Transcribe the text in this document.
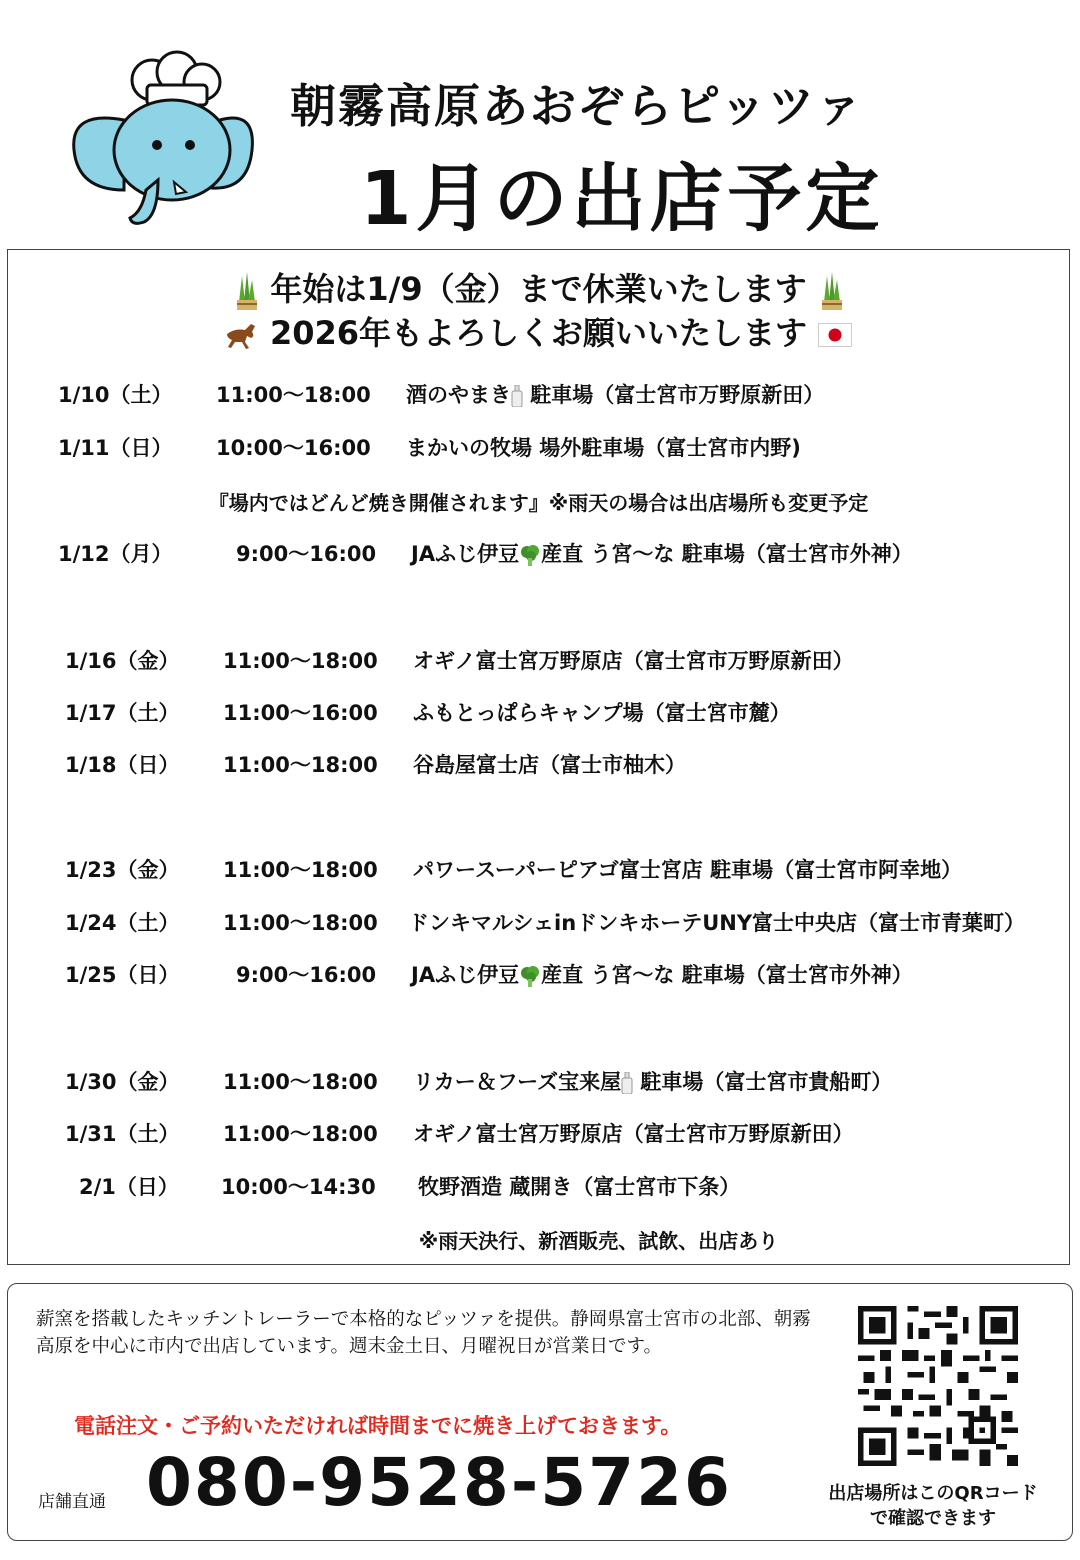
朝霧高原あおぞらピッツァ
1月の出店予定
年始は1/9（金）まで休業いたします
2026年もよろしくお願いいたします
1/10（土） 11:00〜18:00 酒のやまき 駐車場（富士宮市万野原新田）
1/11（日） 10:00〜16:00 まかいの牧場 場外駐車場（富士宮市内野)
『場内ではどんど焼き開催されます』※雨天の場合は出店場所も変更予定
1/12（月）	9:00〜16:00 JAふじ伊豆 産直 う宮〜な 駐車場（富士宮市外神）
1/16（金） 11:00〜18:00 オギノ富士宮万野原店（富士宮市万野原新田）
1/17（土） 11:00〜16:00 ふもとっぱらキャンプ場（富士宮市麓）
1/18（日） 11:00〜18:00 谷島屋富士店（富士市柚木）
1/23（金） 11:00〜18:00 パワースーパーピアゴ富士宮店 駐車場（富士宮市阿幸地）
1/24（土） 11:00〜18:00 ドンキマルシェinドンキホーテUNY富士中央店（富士市青葉町）
1/25（日）	9:00〜16:00 JAふじ伊豆 産直 う宮〜な 駐車場（富士宮市外神）
1/30（金） 11:00〜18:00 リカー＆フーズ宝来屋 駐車場（富士宮市貴船町）
1/31（土） 11:00〜18:00 オギノ富士宮万野原店（富士宮市万野原新田）
2/1（日） 10:00〜14:30 牧野酒造 蔵開き（富士宮市下条）
※雨天決行、新酒販売、試飲、出店あり
薪窯を搭載したキッチントレーラーで本格的なピッツァを提供。静岡県富士宮市の北部、朝霧高原を中心に市内で出店しています。週末金土日、月曜祝日が営業日です。
電話注文・ご予約いただければ時間までに焼き上げておきます。
店舗直通 080-9528-5726	出店場所はこのQRコード
で確認できます
